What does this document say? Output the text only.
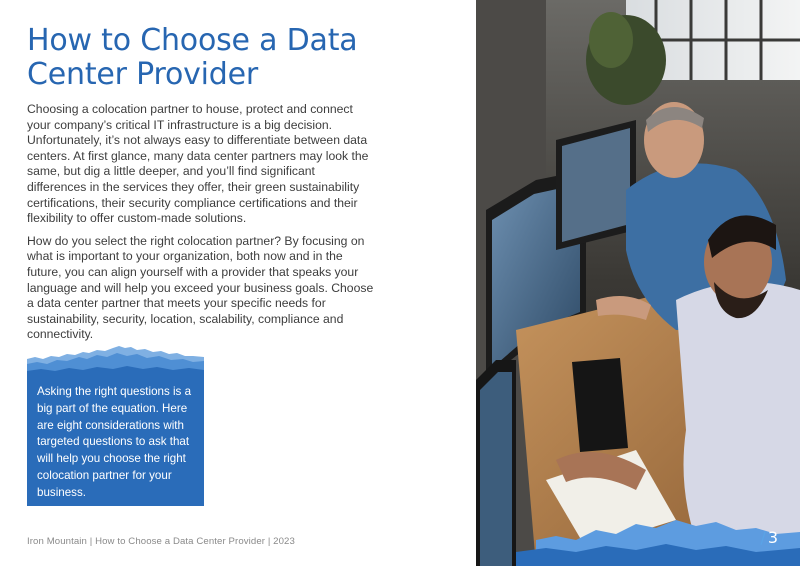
How to Choose a Data Center Provider

Choosing a colocation partner to house, protect and connect your company’s critical IT infrastructure is a big decision. Unfortunately, it’s not always easy to differentiate between data centers. At first glance, many data center partners may look the same, but dig a little deeper, and you’ll find significant differences in the services they offer, their green sustainability certifications, their security compliance certifications and their flexibility to offer custom-made solutions.

How do you select the right colocation partner? By focusing on what is important to your organization, both now and in the future, you can align yourself with a provider that speaks your language and will help you exceed your business goals. Choose a data center partner that meets your specific needs for sustainability, security, location, scalability, compliance and connectivity.

Asking the right questions is a big part of the equation. Here are eight considerations with targeted questions to ask that will help you choose the right colocation partner for your business.
Iron Mountain | How to Choose a Data Center Provider | 2023	/ 3
